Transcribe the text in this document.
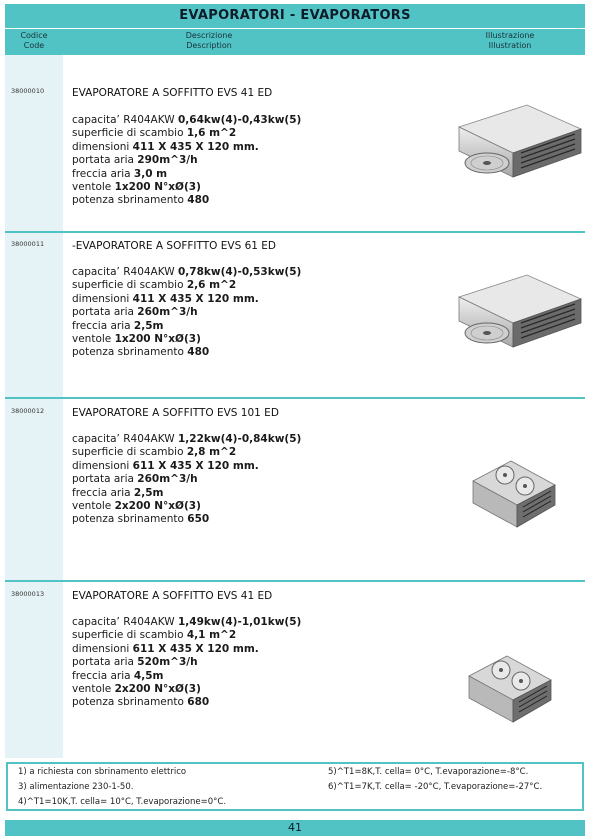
EVAPORATORI - EVAPORATORS
Codice
Code
Descrizione
Description
Illustrazione
Illustration
38000010	EVAPORATORE A SOFFITTO EVS 41 ED
capacita’ R404AKW 0,64kw(4)-0,43kw(5)
superficie di scambio 1,6 m^2
dimensioni 411 X 435 X 120 mm.
portata aria 290m^3/h
freccia aria 3,0 m
ventole 1x200 N°xØ(3)
potenza sbrinamento 480
38000011	-EVAPORATORE A SOFFITTO EVS 61 ED
capacita’ R404AKW 0,78kw(4)-0,53kw(5)
superficie di scambio 2,6 m^2
dimensioni 411 X 435 X 120 mm.
portata aria 260m^3/h
freccia aria 2,5m
ventole 1x200 N°xØ(3)
potenza sbrinamento 480
38000012	EVAPORATORE A SOFFITTO EVS 101 ED
capacita’ R404AKW 1,22kw(4)-0,84kw(5)
superficie di scambio 2,8 m^2
dimensioni 611 X 435 X 120 mm.
portata aria 260m^3/h
freccia aria 2,5m
ventole 2x200 N°xØ(3)
potenza sbrinamento 650
38000013	EVAPORATORE A SOFFITTO EVS 41 ED
capacita’ R404AKW 1,49kw(4)-1,01kw(5)
superficie di scambio 4,1 m^2
dimensioni 611 X 435 X 120 mm.
portata aria 520m^3/h
freccia aria 4,5m
ventole 2x200 N°xØ(3)
potenza sbrinamento 680
1) a richiesta con sbrinamento elettrico
3) alimentazione 230-1-50.
4)^T1=10K,T. cella= 10°C, T.evaporazione=0°C.
5)^T1=8K,T. cella= 0°C, T.evaporazione=-8°C.
6)^T1=7K,T. cella= -20°C, T.evaporazione=-27°C.
41
